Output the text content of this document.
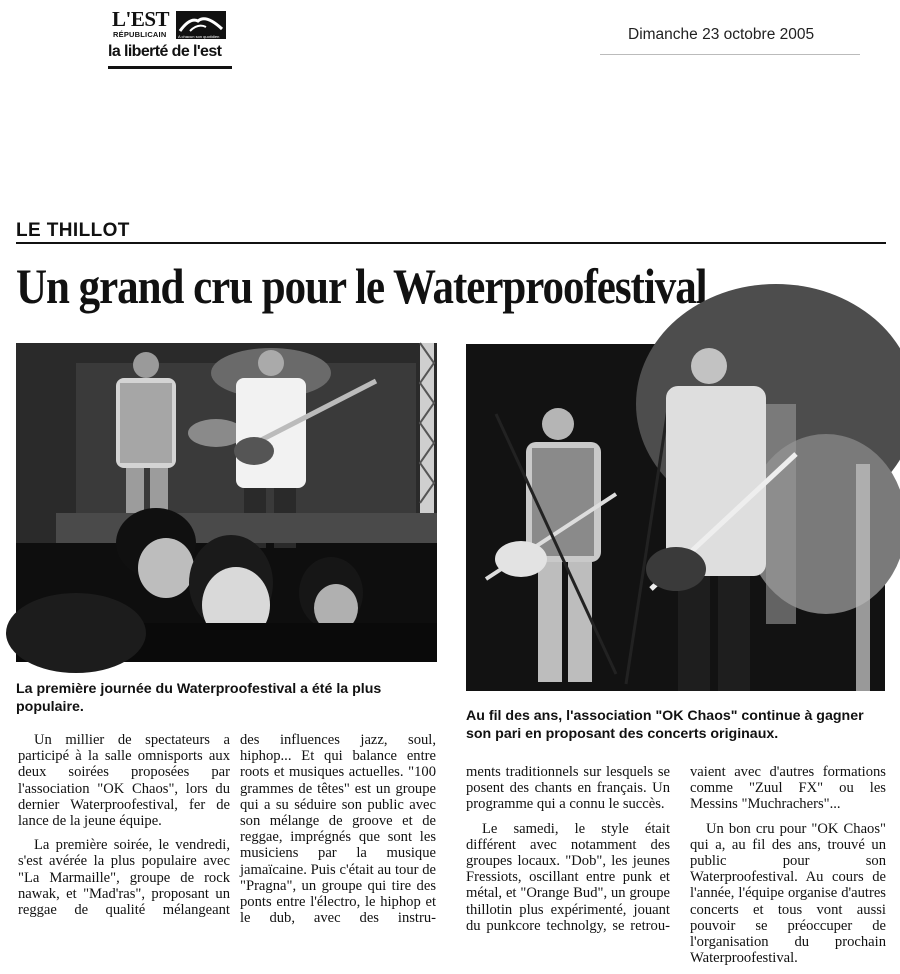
L'EST
RÉPUBLICAIN	A chacun son quotidien
la liberté de l'est
Dimanche 23 octobre 2005
LE THILLOT
Un grand cru pour le Waterproofestival
La première journée du Waterproofestival a été la plus populaire.
Au fil des ans, l'association "OK Chaos" continue à gagner son pari en proposant des concerts originaux.

Un millier de spectateurs a participé à la salle omnisports aux deux soirées proposées par l'association "OK Chaos", lors du dernier Waterproofestival, fer de lance de la jeune équipe.

La première soirée, le vendredi, s'est avérée la plus populaire avec "La Marmaille", groupe de rock nawak, et "Mad'ras", proposant un reggae de qualité mélangeant

des influences jazz, soul, hiphop... Et qui balance entre roots et musiques actuelles. "100 grammes de têtes" est un groupe qui a su séduire son public avec son mélange de groove et de reggae, imprégnés que sont les musiciens par la musique jamaïcaine. Puis c'était au tour de "Pragna", un groupe qui tire des ponts entre l'électro, le hiphop et le dub, avec des instru-

ments traditionnels sur lesquels se posent des chants en français. Un programme qui a connu le succès.

Le samedi, le style était différent avec notamment des groupes locaux. "Dob", les jeunes Fressiots, oscillant entre punk et métal, et "Orange Bud", un groupe thillotin plus expérimenté, jouant du punkcore technolgy, se retrou-

vaient avec d'autres formations comme "Zuul FX" ou les Messins "Muchrachers"...

Un bon cru pour "OK Chaos" qui a, au fil des ans, trouvé un public pour son Waterproofestival. Au cours de l'année, l'équipe organise d'autres concerts et tous vont aussi pouvoir se préoccuper de l'organisation du prochain Waterproofestival.
